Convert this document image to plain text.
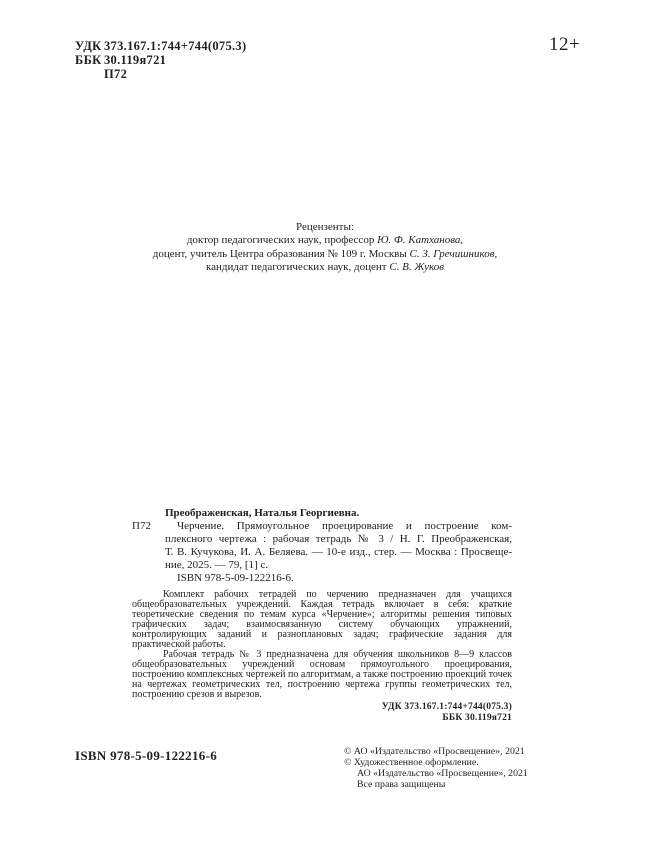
УДК 373.167.1:744+744(075.3)
ББК 30.119я721
П72
12+
Рецензенты:
доктор педагогических наук, профессор Ю. Ф. Катханова,
доцент, учитель Центра образования № 109 г. Москвы С. З. Гречишников,
кандидат педагогических наук, доцент С. В. Жуков
Преображенская, Наталья Георгиевна.
П72 Черчение. Прямоугольное проецирование и построение ком-
плексного чертежа : рабочая тетрадь № 3 / Н. Г. Преображенская,
Т. В. Кучукова, И. А. Беляева. — 10-е изд., стер. — Москва : Просвеще-
ние, 2025. — 79, [1] с.
ISBN 978-5-09-122216-6.
Комплект рабочих тетрадей по черчению предназначен для учащихся общеобразовательных учреждений. Каждая тетрадь включает в себя: краткие теоретические сведения по темам курса «Черчение»; алгоритмы решения типовых графических задач; взаимосвязанную систему обучающих упражнений, контролирующих заданий и разноплановых задач; графические задания для практической работы.
Рабочая тетрадь № 3 предназначена для обучения школьников 8—9 классов общеобразовательных учреждений основам прямоугольного проецирования, построению комплексных чертежей по алгоритмам, а также построению проекций точек на чертежах геометрических тел, построению чертежа группы геометрических тел, построению срезов и вырезов.
УДК 373.167.1:744+744(075.3)
ББК 30.119я721
ISBN 978-5-09-122216-6	© АО «Издательство «Просвещение», 2021
© Художественное оформление.
АО «Издательство «Просвещение», 2021
Все права защищены
